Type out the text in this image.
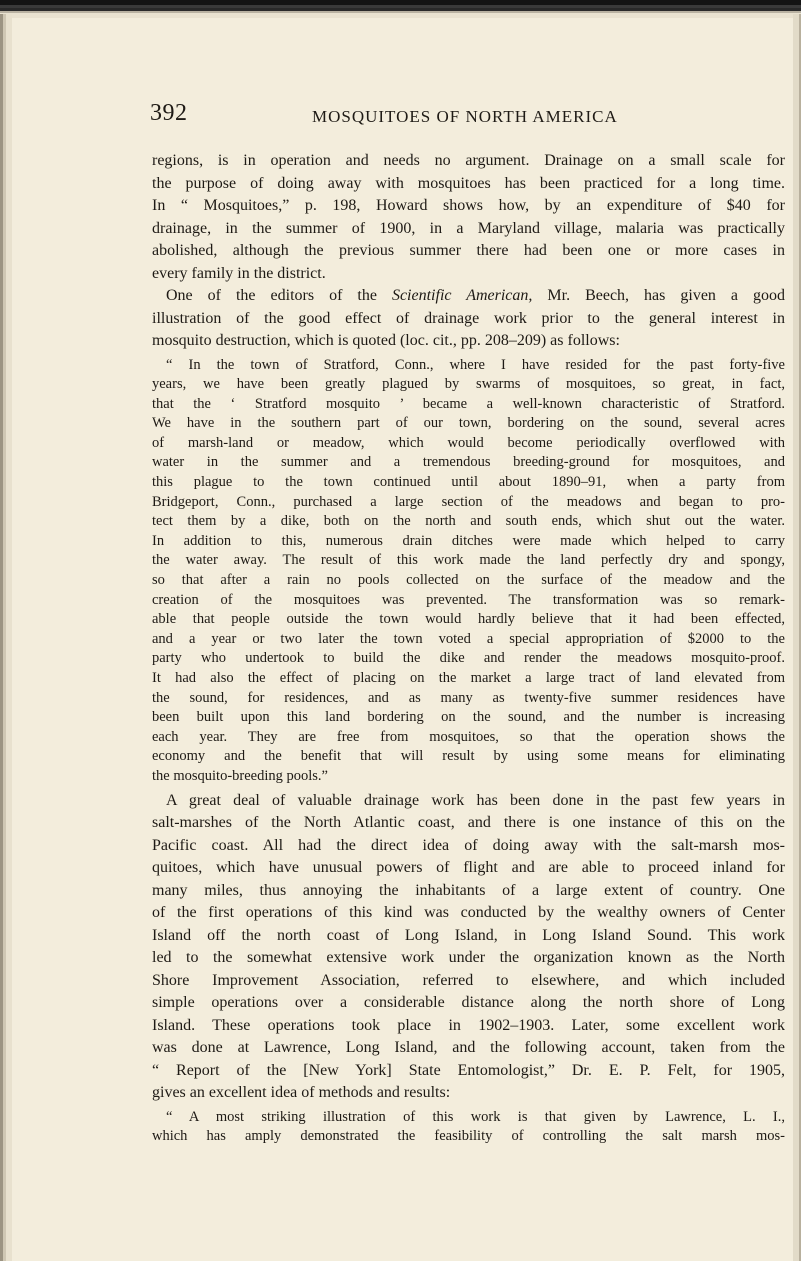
392	MOSQUITOES OF NORTH AMERICA

regions, is in operation and needs no argument. Drainage on a small scale for

the purpose of doing away with mosquitoes has been practiced for a long time.

In “ Mosquitoes,” p. 198, Howard shows how, by an expenditure of $40 for

drainage, in the summer of 1900, in a Maryland village, malaria was practically

abolished, although the previous summer there had been one or more cases in

every family in the district.

One of the editors of the Scientific American, Mr. Beech, has given a good

illustration of the good effect of drainage work prior to the general interest in

mosquito destruction, which is quoted (loc. cit., pp. 208–209) as follows:

“ In the town of Stratford, Conn., where I have resided for the past forty-five

years, we have been greatly plagued by swarms of mosquitoes, so great, in fact,

that the ‘ Stratford mosquito ’ became a well-known characteristic of Stratford.

We have in the southern part of our town, bordering on the sound, several acres

of marsh-land or meadow, which would become periodically overflowed with

water in the summer and a tremendous breeding-ground for mosquitoes, and

this plague to the town continued until about 1890–91, when a party from

Bridgeport, Conn., purchased a large section of the meadows and began to pro-

tect them by a dike, both on the north and south ends, which shut out the water.

In addition to this, numerous drain ditches were made which helped to carry

the water away. The result of this work made the land perfectly dry and spongy,

so that after a rain no pools collected on the surface of the meadow and the

creation of the mosquitoes was prevented. The transformation was so remark-

able that people outside the town would hardly believe that it had been effected,

and a year or two later the town voted a special appropriation of $2000 to the

party who undertook to build the dike and render the meadows mosquito-proof.

It had also the effect of placing on the market a large tract of land elevated from

the sound, for residences, and as many as twenty-five summer residences have

been built upon this land bordering on the sound, and the number is increasing

each year. They are free from mosquitoes, so that the operation shows the

economy and the benefit that will result by using some means for eliminating

the mosquito-breeding pools.”

A great deal of valuable drainage work has been done in the past few years in

salt-marshes of the North Atlantic coast, and there is one instance of this on the

Pacific coast. All had the direct idea of doing away with the salt-marsh mos-

quitoes, which have unusual powers of flight and are able to proceed inland for

many miles, thus annoying the inhabitants of a large extent of country. One

of the first operations of this kind was conducted by the wealthy owners of Center

Island off the north coast of Long Island, in Long Island Sound. This work

led to the somewhat extensive work under the organization known as the North

Shore Improvement Association, referred to elsewhere, and which included

simple operations over a considerable distance along the north shore of Long

Island. These operations took place in 1902–1903. Later, some excellent work

was done at Lawrence, Long Island, and the following account, taken from the

“ Report of the [New York] State Entomologist,” Dr. E. P. Felt, for 1905,

gives an excellent idea of methods and results:

“ A most striking illustration of this work is that given by Lawrence, L. I.,

which has amply demonstrated the feasibility of controlling the salt marsh mos-
